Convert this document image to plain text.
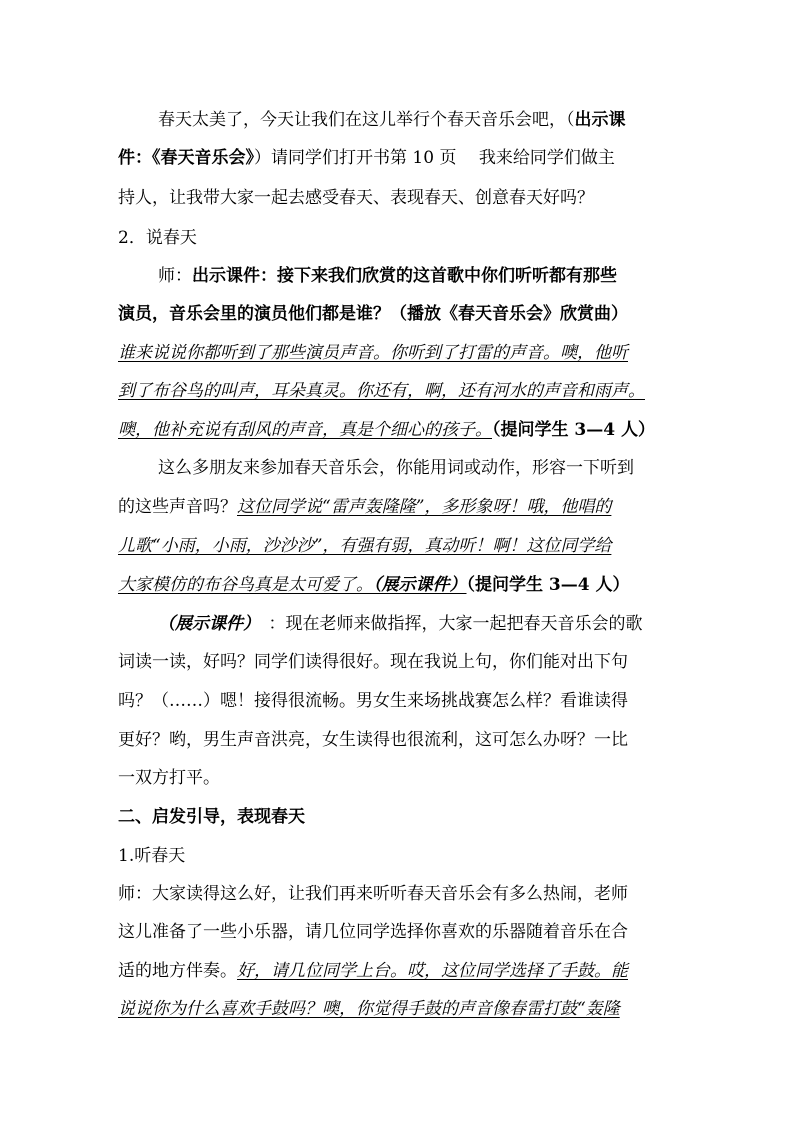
春天太美了，今天让我们在这儿举行个春天音乐会吧，（出示课
件：《春天音乐会》）请同学们打开书第 10 页　 我来给同学们做主
持人，让我带大家一起去感受春天、表现春天、创意春天好吗？
2．说春天
师：出示课件：接下来我们欣赏的这首歌中你们听听都有那些
演员，音乐会里的演员他们都是谁？（播放《春天音乐会》欣赏曲）
谁来说说你都听到了那些演员声音。你听到了打雷的声音。噢，他听
到了布谷鸟的叫声，耳朵真灵。你还有，啊，还有河水的声音和雨声。
噢，他补充说有刮风的声音，真是个细心的孩子。（提问学生 3—4 人）
这么多朋友来参加春天音乐会，你能用词或动作，形容一下听到
的这些声音吗？这位同学说“雷声轰隆隆”，多形象呀！哦，他唱的
儿歌“小雨，小雨，沙沙沙”，有强有弱，真动听！啊！这位同学给
大家模仿的布谷鸟真是太可爱了。（展示课件）（提问学生 3—4 人）
（展示课件）　：现在老师来做指挥，大家一起把春天音乐会的歌
词读一读，好吗？同学们读得很好。现在我说上句，你们能对出下句
吗？（……）嗯！接得很流畅。男女生来场挑战赛怎么样？看谁读得
更好？哟，男生声音洪亮，女生读得也很流利，这可怎么办呀？一比
一双方打平。
二、启发引导，表现春天
1.听春天
师：大家读得这么好，让我们再来听听春天音乐会有多么热闹，老师
这儿准备了一些小乐器，请几位同学选择你喜欢的乐器随着音乐在合
适的地方伴奏。好，请几位同学上台。哎，这位同学选择了手鼓。能
说说你为什么喜欢手鼓吗？噢，你觉得手鼓的声音像春雷打鼓“轰隆
